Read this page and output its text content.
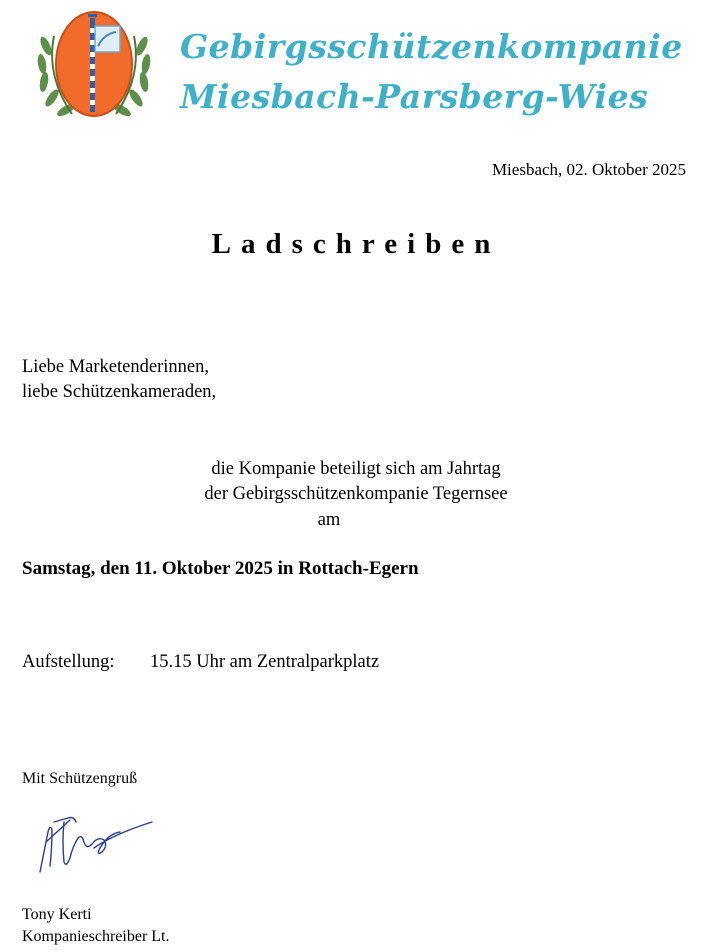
Gebirgsschützenkompanie
Miesbach-Parsberg-Wies
Miesbach, 02. Oktober 2025
Ladschreiben
Liebe Marketenderinnen,
liebe Schützenkameraden,
die Kompanie beteiligt sich am Jahrtag
der Gebirgsschützenkompanie Tegernsee
am
Samstag, den 11. Oktober 2025 in Rottach-Egern
Aufstellung: 15.15 Uhr am Zentralparkplatz
Mit Schützengruß
Tony Kerti
Kompanieschreiber Lt.
